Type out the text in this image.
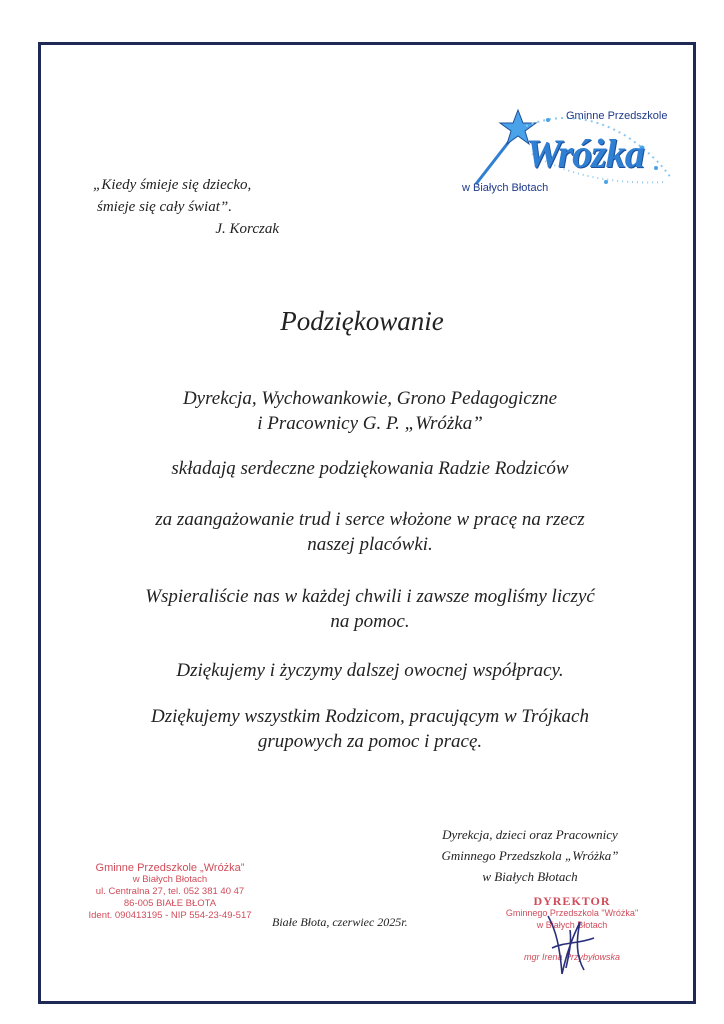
„Kiedy śmieje się dziecko,
śmieje się cały świat”.
J. Korczak
Gminne Przedszkole
Wróżka
w Białych Błotach
Podziękowanie
Dyrekcja, Wychowankowie, Grono Pedagogiczne
i Pracownicy G. P. „Wróżka”
składają serdeczne podziękowania Radzie Rodziców
za zaangażowanie trud i serce włożone w pracę na rzecz
naszej placówki.
Wspieraliście nas w każdej chwili i zawsze mogliśmy liczyć
na pomoc.
Dziękujemy i życzymy dalszej owocnej współpracy.
Dziękujemy wszystkim Rodzicom, pracującym w Trójkach
grupowych za pomoc i pracę.
Dyrekcja, dzieci oraz Pracownicy
Gminnego Przedszkola „Wróżka”
w Białych Błotach
Gminne Przedszkole „Wróżka”
w Białych Błotach
ul. Centralna 27, tel. 052 381 40 47
86-005 BIAŁE BŁOTA
Ident. 090413195 - NIP 554-23-49-517	Białe Błota, czerwiec 2025r.
DYREKTOR
Gminnego Przedszkola "Wróżka"
w Białych Błotach
mgr Irena Przybyłowska
